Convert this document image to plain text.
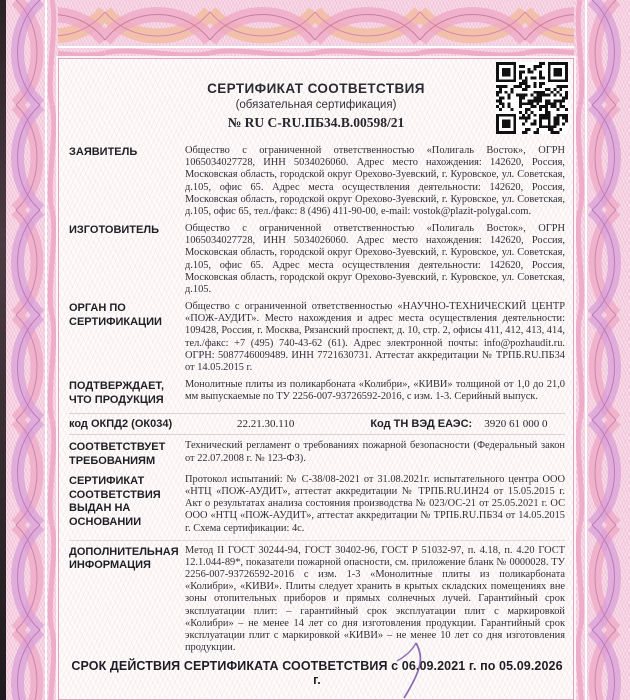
СЕРТИФИКАТ СООТВЕТСТВИЯ
(обязательная сертификация)
№ RU C-RU.ПБ34.В.00598/21
ЗАЯВИТЕЛЬ	Общество с ограниченной ответственностью «Полигаль Восток», ОГРН 1065034027728, ИНН 5034026060. Адрес место нахождения: 142620, Россия, Московская область, городской округ Орехово-Зуевский, г. Куровское, ул. Советская, д.105, офис 65. Адрес места осуществления деятельности: 142620, Россия, Московская область, городской округ Орехово-Зуевский, г. Куровское, ул. Советская, д.105, офис 65, тел./факс: 8 (496) 411-90-00, e-mail: vostok@plazit-polygal.com.
ИЗГОТОВИТЕЛЬ	Общество с ограниченной ответственностью «Полигаль Восток», ОГРН 1065034027728, ИНН 5034026060. Адрес место нахождения: 142620, Россия, Московская область, городской округ Орехово-Зуевский, г. Куровское, ул. Советская, д.105, офис 65. Адрес места осуществления деятельности: 142620, Россия, Московская область, городской округ Орехово-Зуевский, г. Куровское, ул. Советская, д.105.
ОРГАН ПО СЕРТИФИКАЦИИ
Общество с ограниченной ответственностью «НАУЧНО-ТЕХНИЧЕСКИЙ ЦЕНТР «ПОЖ-АУДИТ». Место нахождения и адрес места осуществления деятельности: 109428, Россия, г. Москва, Рязанский проспект, д. 10, стр. 2, офисы 411, 412, 413, 414, тел./факс: +7 (495) 740-43-62 (61). Адрес электронной почты: info@pozhaudit.ru. ОГРН: 5087746009489. ИНН 7721630731. Аттестат аккредитации № ТРПБ.RU.ПБ34 от 14.05.2015 г.
ПОДТВЕРЖДАЕТ, ЧТО ПРОДУКЦИЯ
Монолитные плиты из поликарбоната «Колибри», «КИВИ» толщиной от 1,0 до 21,0 мм выпускаемые по ТУ 2256-007-93726592-2016, с изм. 1-3. Серийный выпуск.
код ОКПД2 (ОК034)	22.21.30.110	Код ТН ВЭД ЕАЭС: 3920 61 000 0
СООТВЕТСТВУЕТ ТРЕБОВАНИЯМ
Технический регламент о требованиях пожарной безопасности (Федеральный закон от 22.07.2008 г. № 123-ФЗ).
СЕРТИФИКАТ СООТВЕТСТВИЯ ВЫДАН НА ОСНОВАНИИ
Протокол испытаний: № С-38/08-2021 от 31.08.2021г. испытательного центра ООО «НТЦ «ПОЖ-АУДИТ», аттестат аккредитации № ТРПБ.RU.ИН24 от 15.05.2015 г. Акт о результатах анализа состояния производства № 023/ОС-21 от 25.05.2021 г. ОС ООО «НТЦ «ПОЖ-АУДИТ», аттестат аккредитации № ТРПБ.RU.ПБ34 от 14.05.2015 г. Схема сертификации: 4с.
ДОПОЛНИТЕЛЬНАЯ ИНФОРМАЦИЯ
Метод II ГОСТ 30244-94, ГОСТ 30402-96, ГОСТ Р 51032-97, п. 4.18, п. 4.20 ГОСТ 12.1.044-89*, показатели пожарной опасности, см. приложение бланк № 0000028. ТУ 2256-007-93726592-2016 с изм. 1-3 «Монолитные плиты из поликарбоната «Колибри», «КИВИ». Плиты следует хранить в крытых складских помещениях вне зоны отопительных приборов и прямых солнечных лучей. Гарантийный срок эксплуатации плит: – гарантийный срок эксплуатации плит с маркировкой «Колибри» – не менее 14 лет со дня изготовления продукции. Гарантийный срок эксплуатации плит с маркировкой «КИВИ» – не менее 10 лет со дня изготовления продукции.
СРОК ДЕЙСТВИЯ СЕРТИФИКАТА СООТВЕТСТВИЯ с 06.09.2021 г. по 05.09.2026 г.
